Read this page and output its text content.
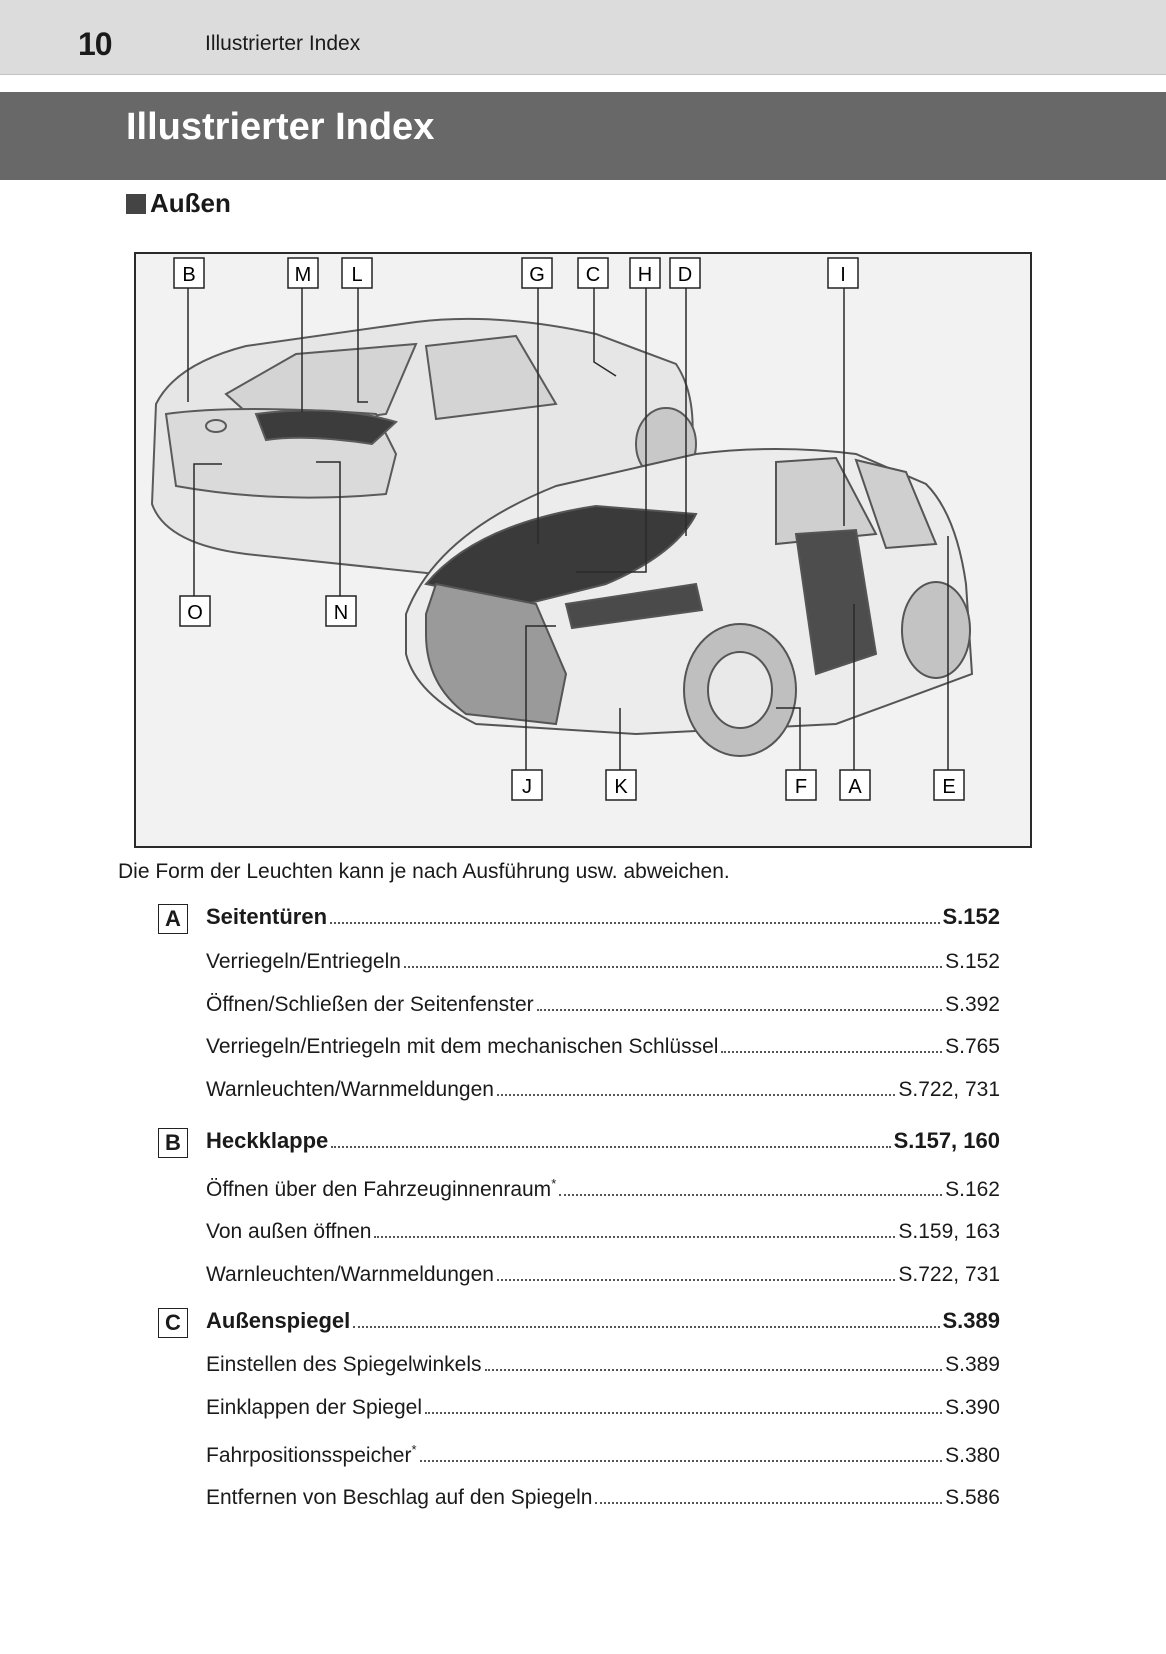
10	Illustrierter Index
Illustrierter Index
Außen
B	M L	G C H D	I
O	N
J	K	F A	E
Die Form der Leuchten kann je nach Ausführung usw. abweichen.
A	Seitentüren	S.152
Verriegeln/Entriegeln	S.152
Öffnen/Schließen der Seitenfenster	S.392
Verriegeln/Entriegeln mit dem mechanischen Schlüssel	S.765
Warnleuchten/Warnmeldungen	S.722, 731
B	Heckklappe	S.157, 160
Öffnen über den Fahrzeuginnenraum*	S.162
Von außen öffnen	S.159, 163
Warnleuchten/Warnmeldungen	S.722, 731
C	Außenspiegel	S.389
Einstellen des Spiegelwinkels	S.389
Einklappen der Spiegel	S.390
Fahrpositionsspeicher*	S.380
Entfernen von Beschlag auf den Spiegeln	S.586
